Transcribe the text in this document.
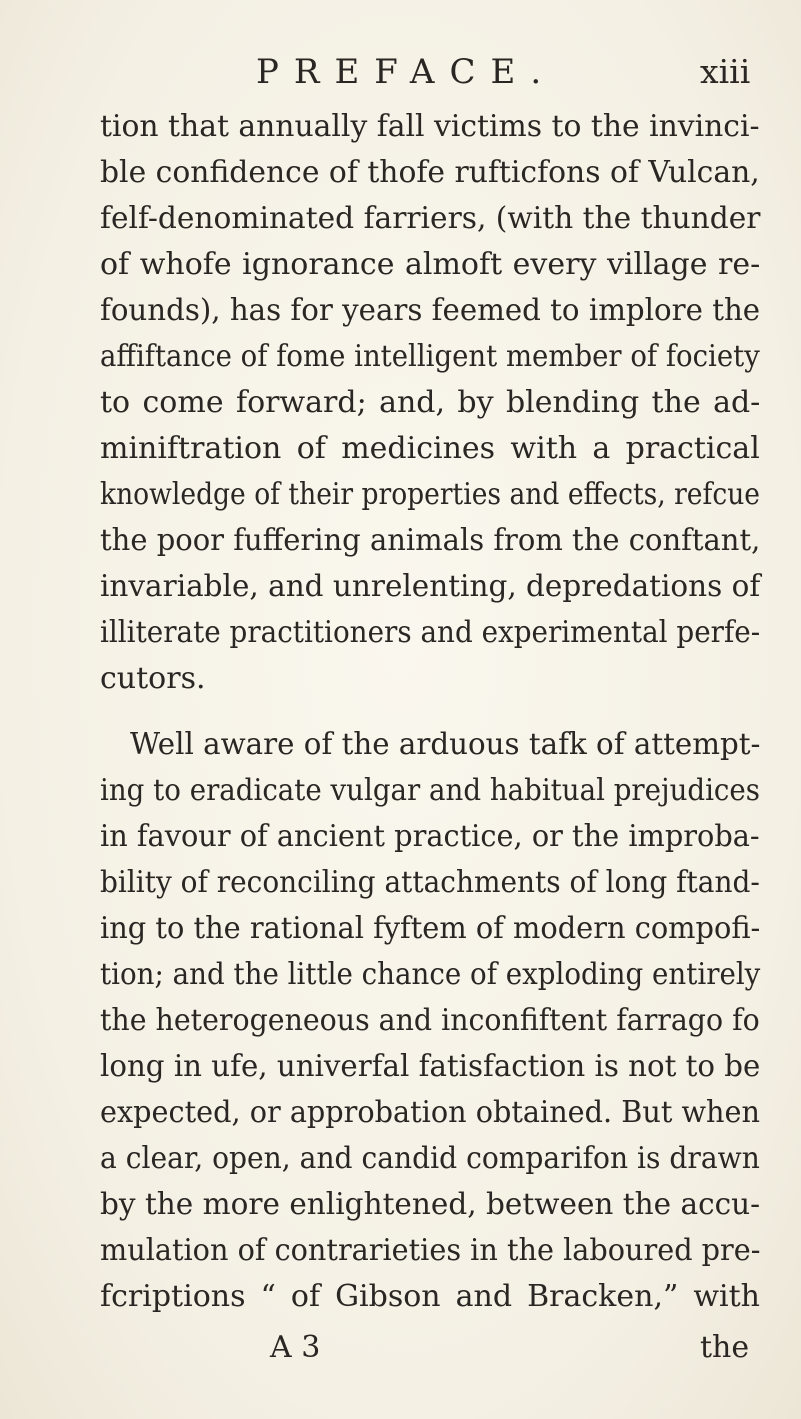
PREFACE.	xiii
tion that annually fall victims to the invinci-
ble confidence of thofe rufticfons of Vulcan,
felf-denominated farriers, (with the thunder
of whofe ignorance almoft every village re-
founds), has for years feemed to implore the
affiftance of fome intelligent member of fociety
to come forward; and, by blending the ad-
miniftration of medicines with a practical
knowledge of their properties and effects, refcue
the poor fuffering animals from the conftant,
invariable, and unrelenting, depredations of
illiterate practitioners and experimental perfe-
cutors.
Well aware of the arduous tafk of attempt-
ing to eradicate vulgar and habitual prejudices
in favour of ancient practice, or the improba-
bility of reconciling attachments of long ftand-
ing to the rational fyftem of modern compofi-
tion; and the little chance of exploding entirely
the heterogeneous and inconfiftent farrago fo
long in ufe, univerfal fatisfaction is not to be
expected, or approbation obtained. But when
a clear, open, and candid comparifon is drawn
by the more enlightened, between the accu-
mulation of contrarieties in the laboured pre-
fcriptions “ of Gibson and Bracken,” with
A 3	the
